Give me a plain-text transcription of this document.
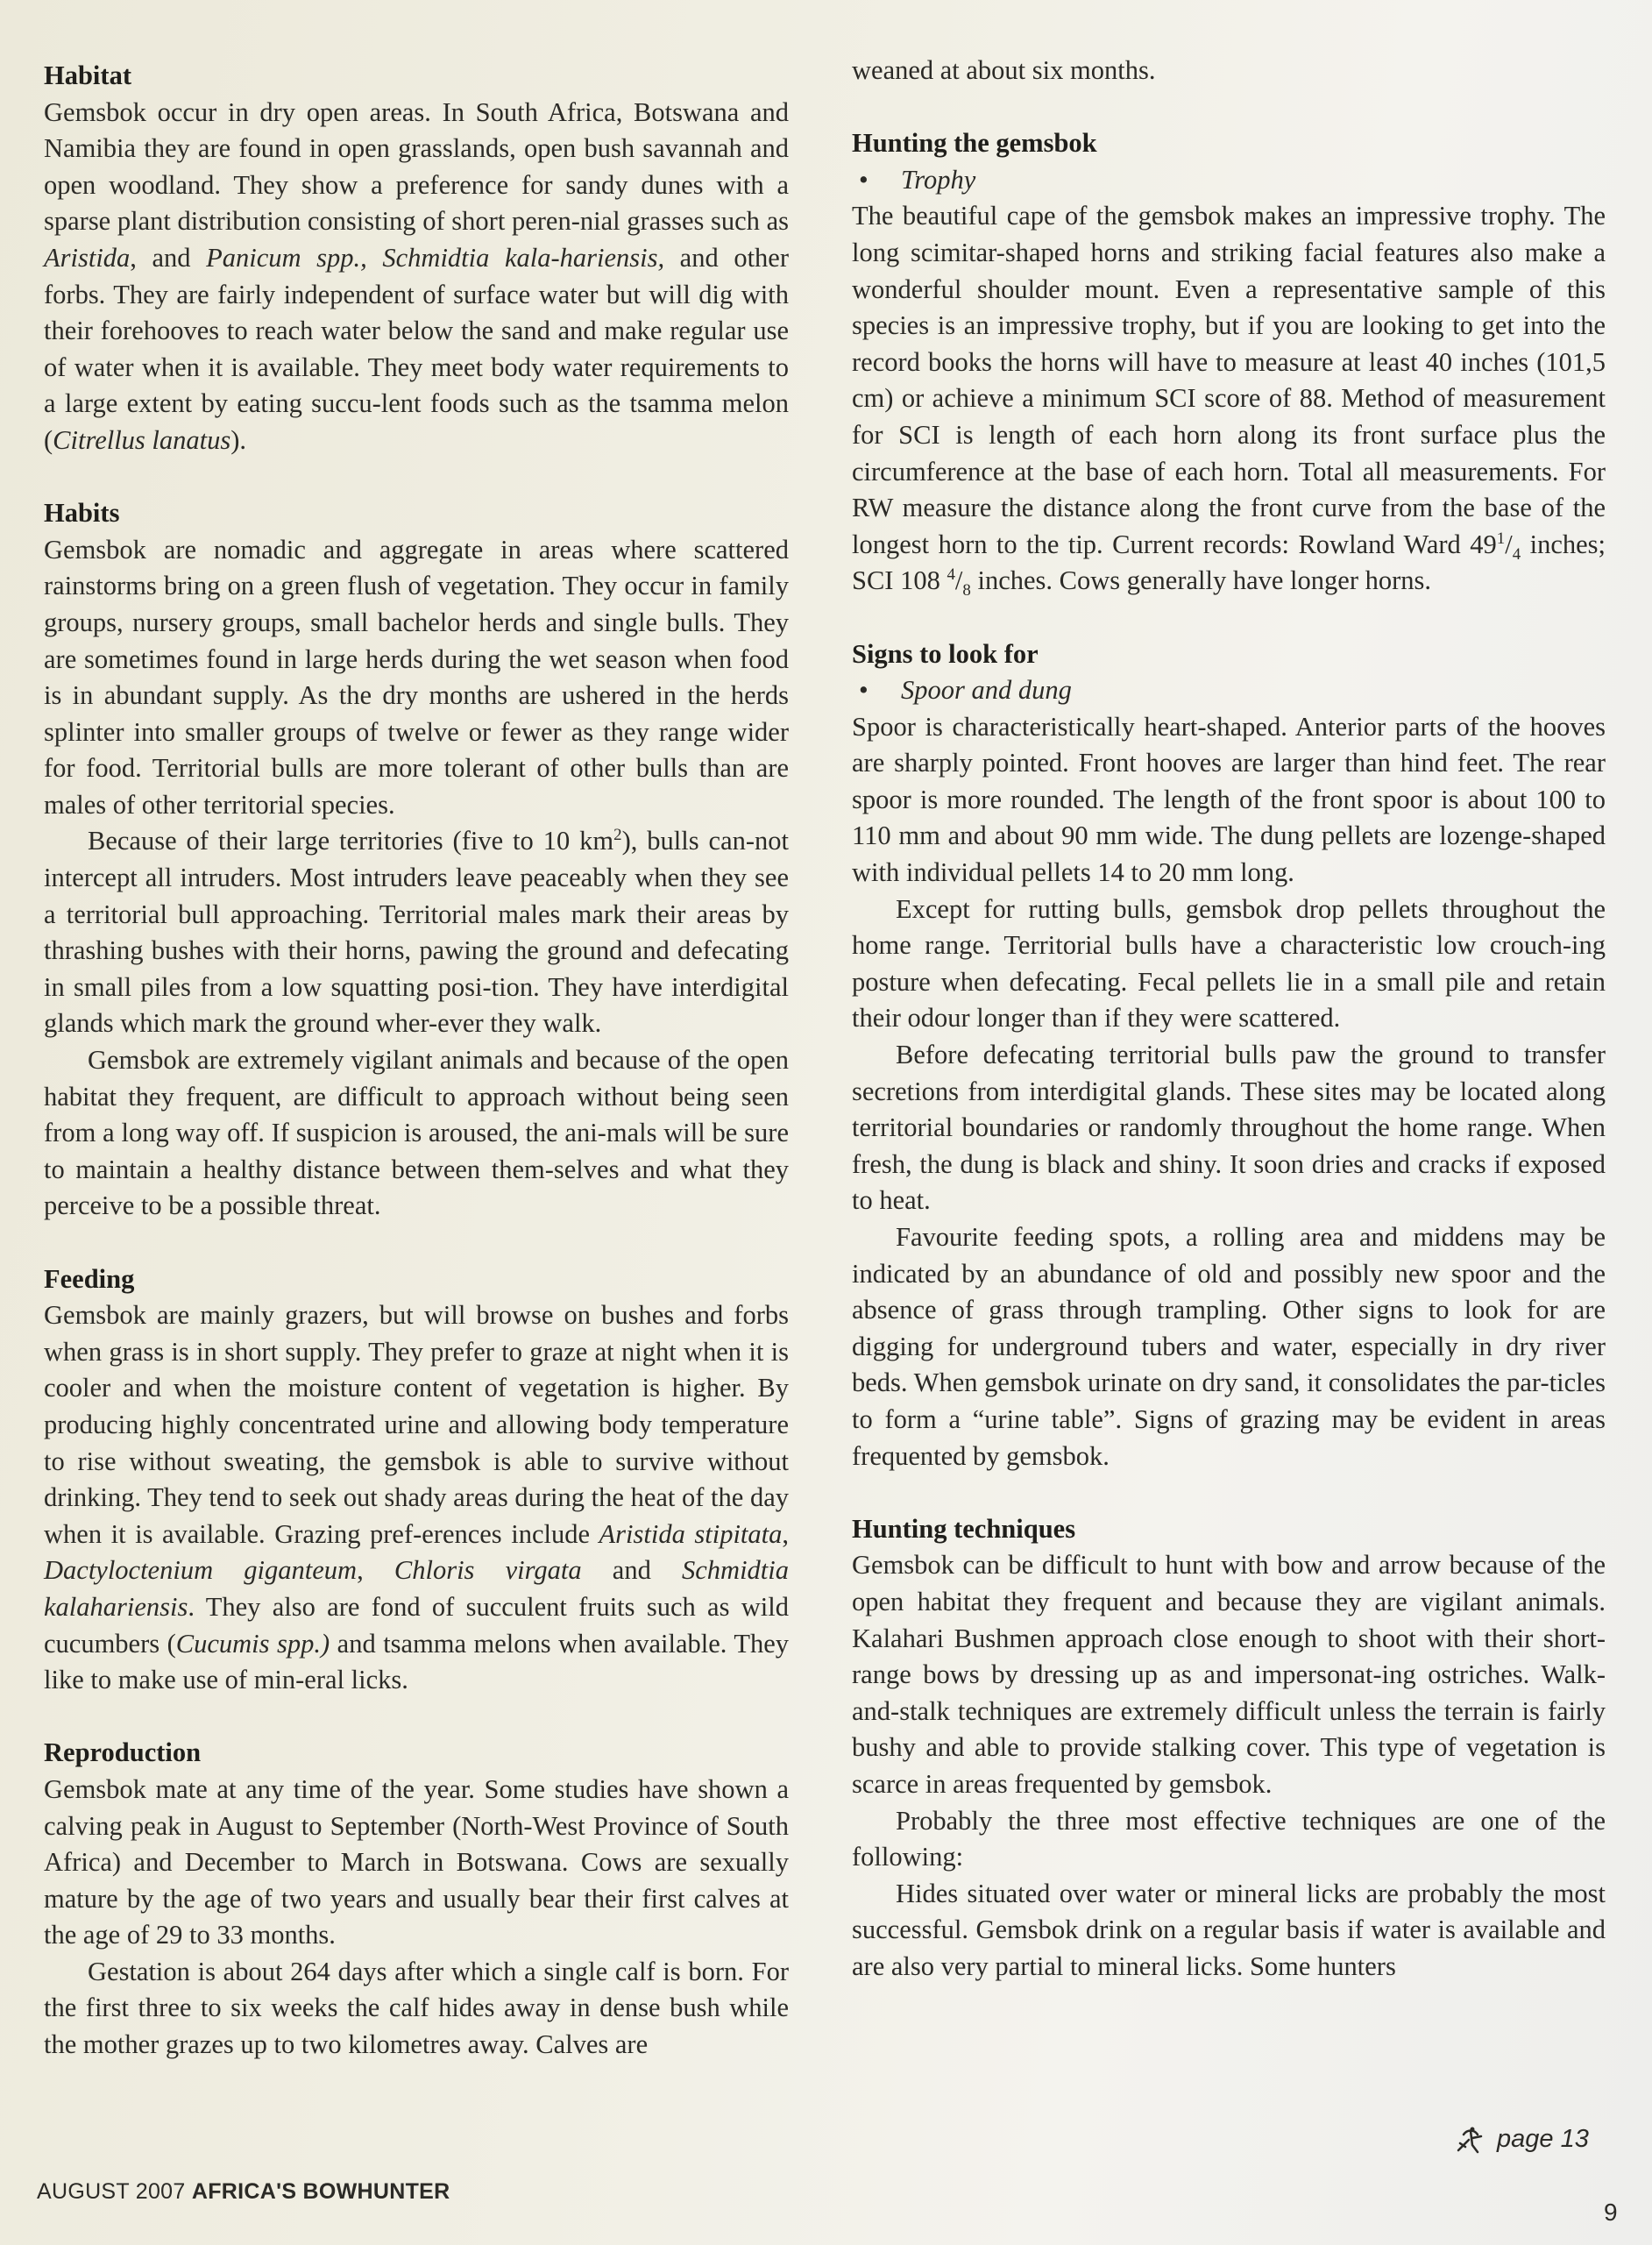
Habitat

Gemsbok occur in dry open areas. In South Africa, Botswana and Namibia they are found in open grasslands, open bush savannah and open woodland. They show a preference for sandy dunes with a sparse plant distribution consisting of short peren-nial grasses such as Aristida, and Panicum spp., Schmidtia kala-hariensis, and other forbs. They are fairly independent of surface water but will dig with their forehooves to reach water below the sand and make regular use of water when it is available. They meet body water requirements to a large extent by eating succu-lent foods such as the tsamma melon (Citrellus lanatus).

Habits

Gemsbok are nomadic and aggregate in areas where scattered rainstorms bring on a green flush of vegetation. They occur in family groups, nursery groups, small bachelor herds and single bulls. They are sometimes found in large herds during the wet season when food is in abundant supply. As the dry months are ushered in the herds splinter into smaller groups of twelve or fewer as they range wider for food. Territorial bulls are more tolerant of other bulls than are males of other territorial species.

Because of their large territories (five to 10 $km^2$), bulls can-not intercept all intruders. Most intruders leave peaceably when they see a territorial bull approaching. Territorial males mark their areas by thrashing bushes with their horns, pawing the ground and defecating in small piles from a low squatting posi-tion. They have interdigital glands which mark the ground wher-ever they walk.

Gemsbok are extremely vigilant animals and because of the open habitat they frequent, are difficult to approach without being seen from a long way off. If suspicion is aroused, the ani-mals will be sure to maintain a healthy distance between them-selves and what they perceive to be a possible threat.

Feeding

Gemsbok are mainly grazers, but will browse on bushes and forbs when grass is in short supply. They prefer to graze at night when it is cooler and when the moisture content of vegetation is higher. By producing highly concentrated urine and allowing body temperature to rise without sweating, the gemsbok is able to survive without drinking. They tend to seek out shady areas during the heat of the day when it is available. Grazing pref-erences include Aristida stipitata, Dactyloctenium giganteum, Chloris virgata and Schmidtia kalahariensis. They also are fond of succulent fruits such as wild cucumbers (Cucumis spp.) and tsamma melons when available. They like to make use of min-eral licks.

Reproduction

Gemsbok mate at any time of the year. Some studies have shown a calving peak in August to September (North-West Province of South Africa) and December to March in Botswana. Cows are sexually mature by the age of two years and usually bear their first calves at the age of 29 to 33 months.

Gestation is about 264 days after which a single calf is born. For the first three to six weeks the calf hides away in dense bush while the mother grazes up to two kilometres away. Calves are

weaned at about six months.

Hunting the gemsbok
• Trophy

The beautiful cape of the gemsbok makes an impressive trophy. The long scimitar-shaped horns and striking facial features also make a wonderful shoulder mount. Even a representative sample of this species is an impressive trophy, but if you are looking to get into the record books the horns will have to measure at least 40 inches (101,5 cm) or achieve a minimum SCI score of 88. Method of measurement for SCI is length of each horn along its front surface plus the circumference at the base of each horn. Total all measurements. For RW measure the distance along the front curve from the base of the longest horn to the tip. Current records: Rowland Ward $49^1/_4$ inches; SCI 108 $^4/_8$ inches. Cows generally have longer horns.

Signs to look for
• Spoor and dung

Spoor is characteristically heart-shaped. Anterior parts of the hooves are sharply pointed. Front hooves are larger than hind feet. The rear spoor is more rounded. The length of the front spoor is about 100 to 110 mm and about 90 mm wide. The dung pellets are lozenge-shaped with individual pellets 14 to 20 mm long.

Except for rutting bulls, gemsbok drop pellets throughout the home range. Territorial bulls have a characteristic low crouch-ing posture when defecating. Fecal pellets lie in a small pile and retain their odour longer than if they were scattered.

Before defecating territorial bulls paw the ground to transfer secretions from interdigital glands. These sites may be located along territorial boundaries or randomly throughout the home range. When fresh, the dung is black and shiny. It soon dries and cracks if exposed to heat.

Favourite feeding spots, a rolling area and middens may be indicated by an abundance of old and possibly new spoor and the absence of grass through trampling. Other signs to look for are digging for underground tubers and water, especially in dry river beds. When gemsbok urinate on dry sand, it consolidates the par-ticles to form a “urine table”. Signs of grazing may be evident in areas frequented by gemsbok.

Hunting techniques

Gemsbok can be difficult to hunt with bow and arrow because of the open habitat they frequent and because they are vigilant animals. Kalahari Bushmen approach close enough to shoot with their short-range bows by dressing up as and impersonat-ing ostriches. Walk-and-stalk techniques are extremely difficult unless the terrain is fairly bushy and able to provide stalking cover. This type of vegetation is scarce in areas frequented by gemsbok.

Probably the three most effective techniques are one of the following:

Hides situated over water or mineral licks are probably the most successful. Gemsbok drink on a regular basis if water is available and are also very partial to mineral licks. Some hunters

page 13
AUGUST 2007 AFRICA'S BOWHUNTER
9
